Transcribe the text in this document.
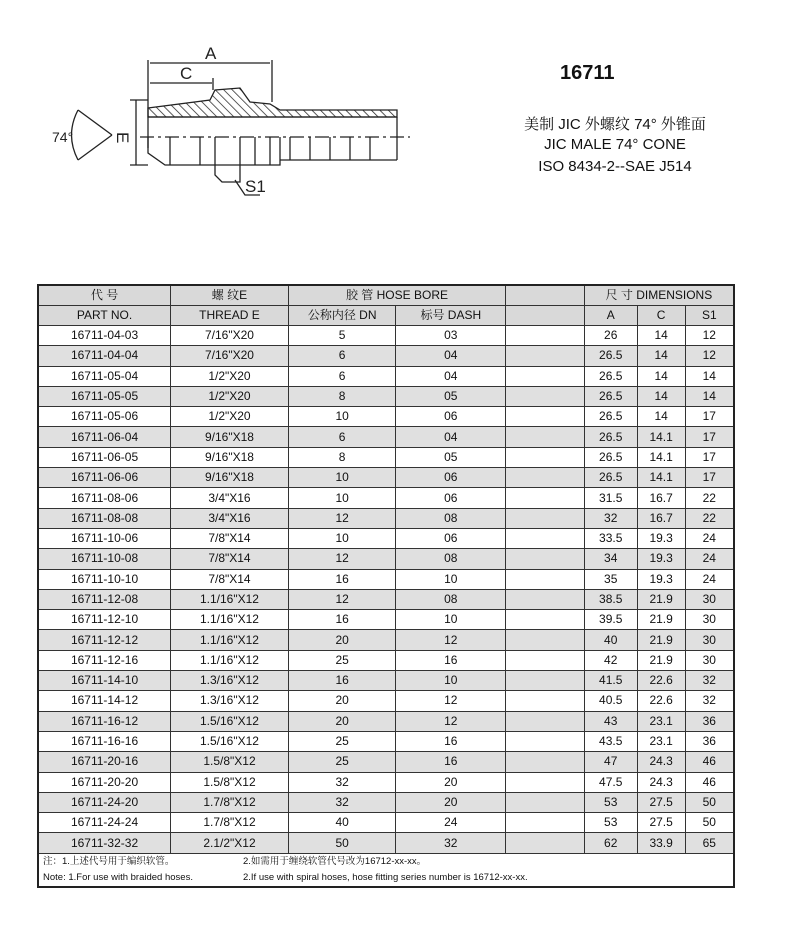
A
C
E
74°
S1
16711
美制 JIC 外螺纹 74° 外锥面
JIC MALE 74° CONE
ISO 8434-2--SAE J514
代 号	螺 纹E	胶 管 HOSE BORE			尺 寸 DIMENSIONS		
PART NO.	THREAD E	公称内径 DN	标号 DASH		A	C	S1
16711-04-03	7/16"X20	5	03		26	14	12
16711-04-04	7/16"X20	6	04		26.5	14	12
16711-05-04	1/2"X20	6	04		26.5	14	14
16711-05-05	1/2"X20	8	05		26.5	14	14
16711-05-06	1/2"X20	10	06		26.5	14	17
16711-06-04	9/16"X18	6	04		26.5	14.1	17
16711-06-05	9/16"X18	8	05		26.5	14.1	17
16711-06-06	9/16"X18	10	06		26.5	14.1	17
16711-08-06	3/4"X16	10	06		31.5	16.7	22
16711-08-08	3/4"X16	12	08		32	16.7	22
16711-10-06	7/8"X14	10	06		33.5	19.3	24
16711-10-08	7/8"X14	12	08		34	19.3	24
16711-10-10	7/8"X14	16	10		35	19.3	24
16711-12-08	1.1/16"X12	12	08		38.5	21.9	30
16711-12-10	1.1/16"X12	16	10		39.5	21.9	30
16711-12-12	1.1/16"X12	20	12		40	21.9	30
16711-12-16	1.1/16"X12	25	16		42	21.9	30
16711-14-10	1.3/16"X12	16	10		41.5	22.6	32
16711-14-12	1.3/16"X12	20	12		40.5	22.6	32
16711-16-12	1.5/16"X12	20	12		43	23.1	36
16711-16-16	1.5/16"X12	25	16		43.5	23.1	36
16711-20-16	1.5/8"X12	25	16		47	24.3	46
16711-20-20	1.5/8"X12	32	20		47.5	24.3	46
16711-24-20	1.7/8"X12	32	20		53	27.5	50
16711-24-24	1.7/8"X12	40	24		53	27.5	50
16711-32-32	2.1/2"X12	50	32		62	33.9	65
注：1.上述代号用于编织软管。 2.如需用于缠绕软管代号改为16712-xx-xx。							
Note: 1.For use with braided hoses. 2.If use with spiral hoses, hose fitting series number is 16712-xx-xx.							
